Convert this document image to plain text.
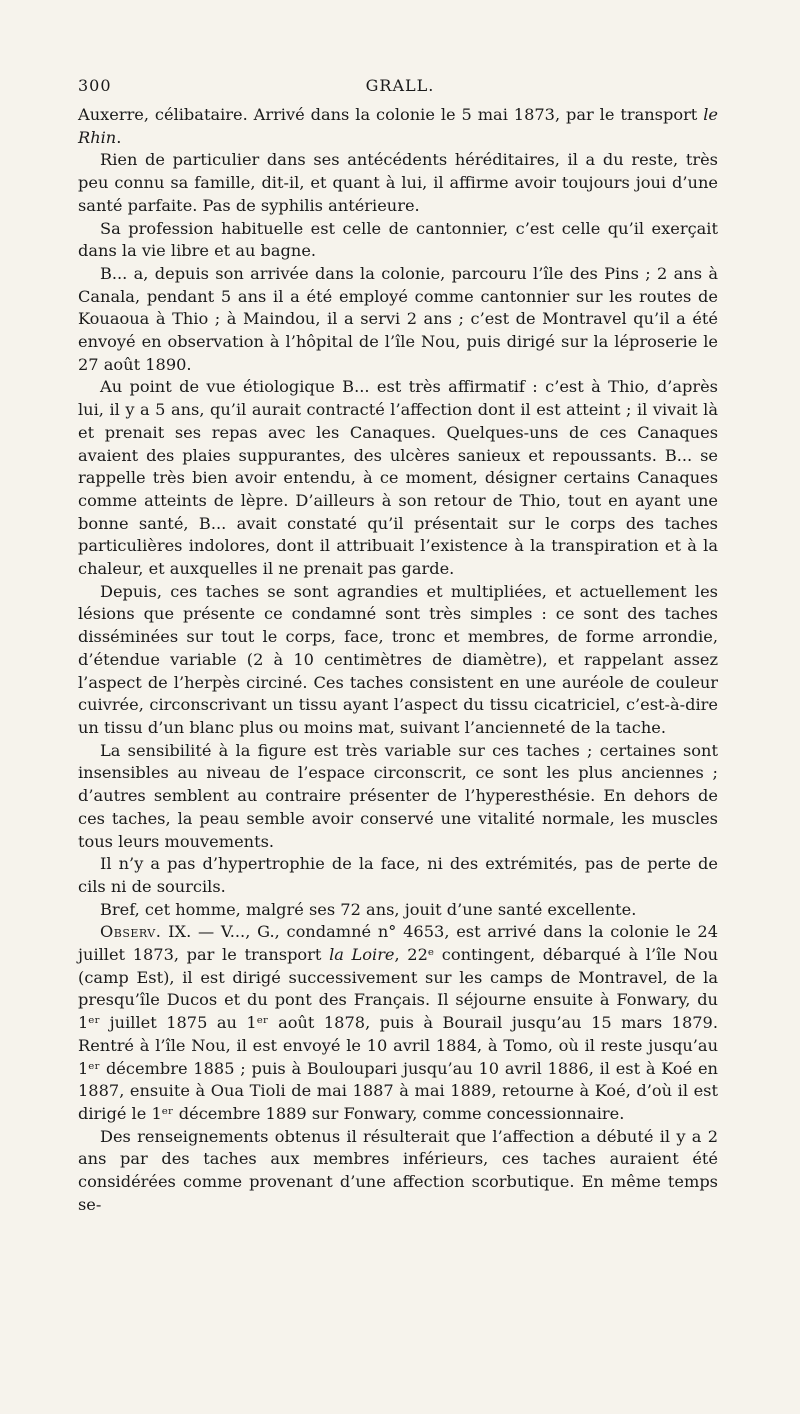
300	GRALL.

Auxerre, célibataire. Arrivé dans la colonie le 5 mai 1873, par le transport le Rhin.

Rien de particulier dans ses antécédents héréditaires, il a du reste, très peu connu sa famille, dit-il, et quant à lui, il affirme avoir toujours joui d’une santé parfaite. Pas de syphilis antérieure.

Sa profession habituelle est celle de cantonnier, c’est celle qu’il exerçait dans la vie libre et au bagne.

B... a, depuis son arrivée dans la colonie, parcouru l’île des Pins ; 2 ans à Canala, pendant 5 ans il a été employé comme cantonnier sur les routes de Kouaoua à Thio ; à Maindou, il a servi 2 ans ; c’est de Montravel qu’il a été envoyé en observation à l’hôpital de l’île Nou, puis dirigé sur la léproserie le 27 août 1890.

Au point de vue étiologique B... est très affirmatif : c’est à Thio, d’après lui, il y a 5 ans, qu’il aurait contracté l’affection dont il est atteint ; il vivait là et prenait ses repas avec les Canaques. Quelques-uns de ces Canaques avaient des plaies suppurantes, des ulcères sanieux et repoussants. B... se rappelle très bien avoir entendu, à ce moment, désigner certains Canaques comme atteints de lèpre. D’ailleurs à son retour de Thio, tout en ayant une bonne santé, B... avait constaté qu’il présentait sur le corps des taches particulières indolores, dont il attribuait l’existence à la transpiration et à la chaleur, et auxquelles il ne prenait pas garde.

Depuis, ces taches se sont agrandies et multipliées, et actuellement les lésions que présente ce condamné sont très simples : ce sont des taches disséminées sur tout le corps, face, tronc et membres, de forme arrondie, d’étendue variable (2 à 10 centimètres de diamètre), et rappelant assez l’aspect de l’herpès circiné. Ces taches consistent en une auréole de couleur cuivrée, circonscrivant un tissu ayant l’aspect du tissu cicatriciel, c’est-à-dire un tissu d’un blanc plus ou moins mat, suivant l’ancienneté de la tache.

La sensibilité à la figure est très variable sur ces taches ; certaines sont insensibles au niveau de l’espace circonscrit, ce sont les plus anciennes ; d’autres semblent au contraire présenter de l’hyperesthésie. En dehors de ces taches, la peau semble avoir conservé une vitalité normale, les muscles tous leurs mouvements.

Il n’y a pas d’hypertrophie de la face, ni des extrémités, pas de perte de cils ni de sourcils.

Bref, cet homme, malgré ses 72 ans, jouit d’une santé excellente.

Observ. IX. — V..., G., condamné n° 4653, est arrivé dans la colonie le 24 juillet 1873, par le transport la Loire, 22ᵉ contingent, débarqué à l’île Nou (camp Est), il est dirigé successivement sur les camps de Montravel, de la presqu’île Ducos et du pont des Français. Il séjourne ensuite à Fonwary, du 1ᵉʳ juillet 1875 au 1ᵉʳ août 1878, puis à Bourail jusqu’au 15 mars 1879. Rentré à l’île Nou, il est envoyé le 10 avril 1884, à Tomo, où il reste jusqu’au 1ᵉʳ décembre 1885 ; puis à Bouloupari jusqu’au 10 avril 1886, il est à Koé en 1887, ensuite à Oua Tioli de mai 1887 à mai 1889, retourne à Koé, d’où il est dirigé le 1ᵉʳ décembre 1889 sur Fonwary, comme concessionnaire.

Des renseignements obtenus il résulterait que l’affection a débuté il y a 2 ans par des taches aux membres inférieurs, ces taches auraient été considérées comme provenant d’une affection scorbutique. En même temps se-
